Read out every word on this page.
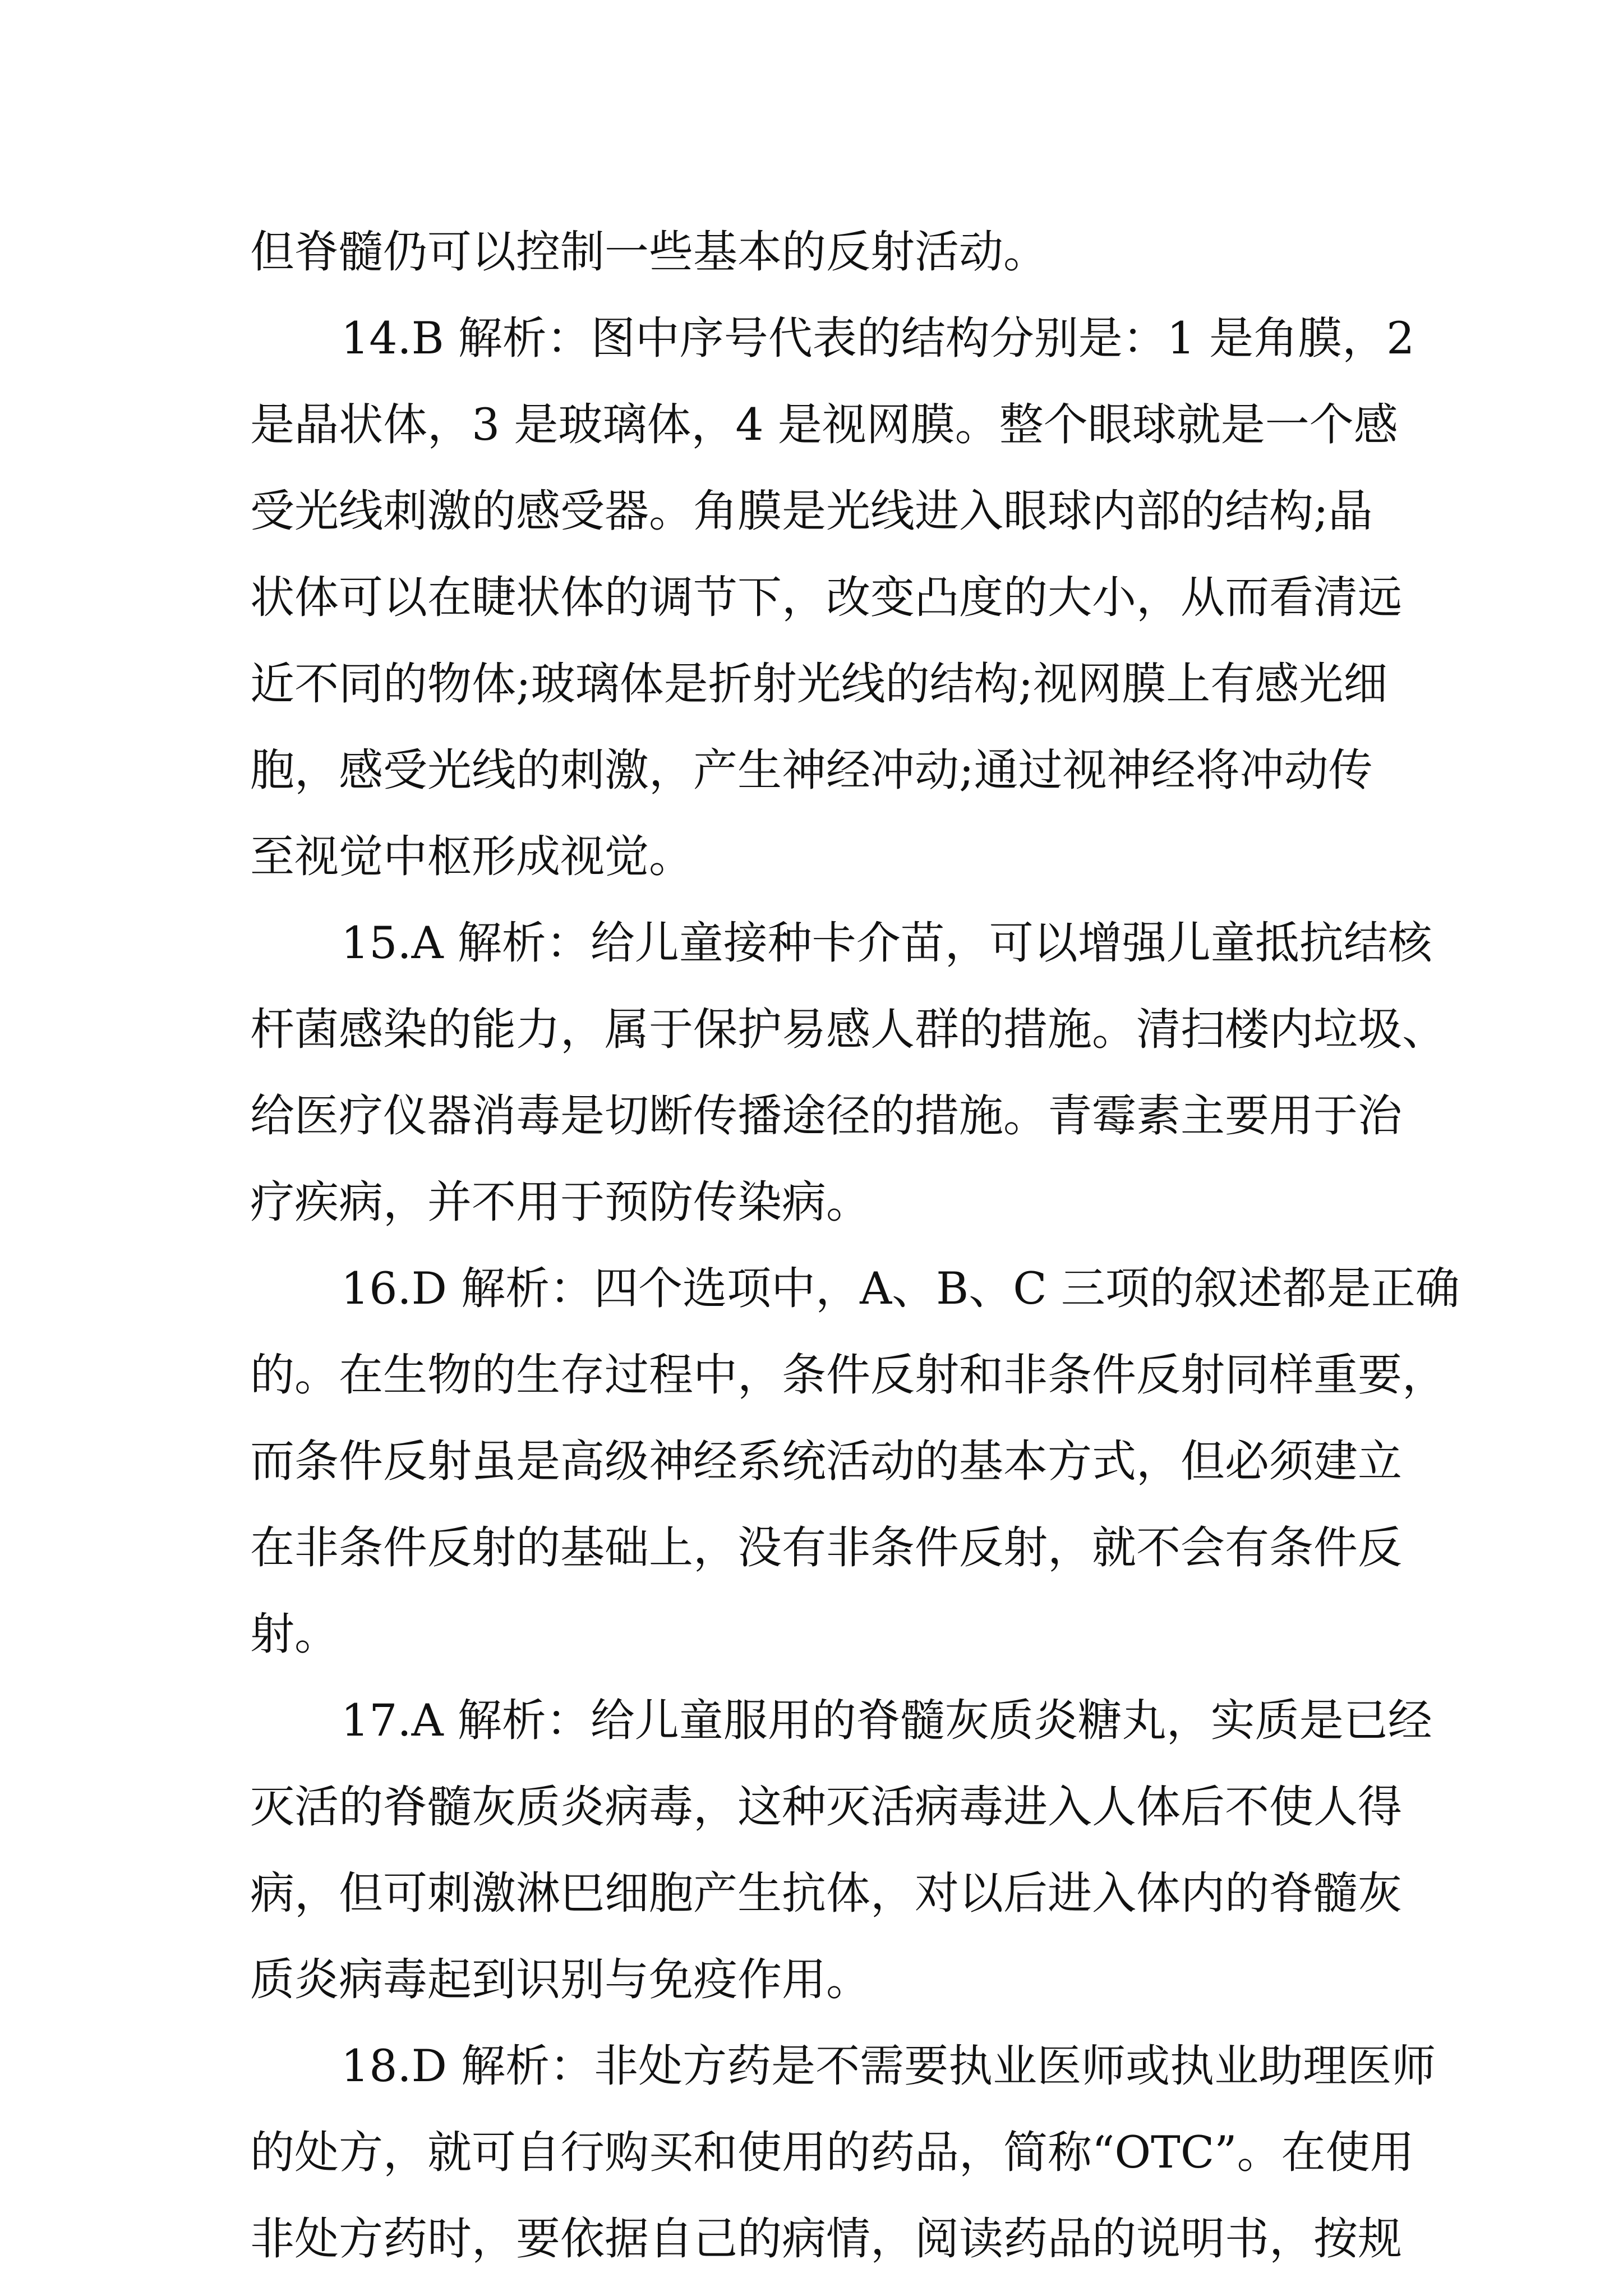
但脊髓仍可以控制一些基本的反射活动。
14.B 解析：图中序号代表的结构分别是：1 是角膜，2
是晶状体，3 是玻璃体，4 是视网膜。整个眼球就是一个感
受光线刺激的感受器。角膜是光线进入眼球内部的结构;晶
状体可以在睫状体的调节下，改变凸度的大小，从而看清远
近不同的物体;玻璃体是折射光线的结构;视网膜上有感光细
胞，感受光线的刺激，产生神经冲动;通过视神经将冲动传
至视觉中枢形成视觉。
15.A 解析：给儿童接种卡介苗，可以增强儿童抵抗结核
杆菌感染的能力，属于保护易感人群的措施。清扫楼内垃圾、
给医疗仪器消毒是切断传播途径的措施。青霉素主要用于治
疗疾病，并不用于预防传染病。
16.D 解析：四个选项中，A、B、C 三项的叙述都是正确
的。在生物的生存过程中，条件反射和非条件反射同样重要，
而条件反射虽是高级神经系统活动的基本方式，但必须建立
在非条件反射的基础上，没有非条件反射，就不会有条件反
射。
17.A 解析：给儿童服用的脊髓灰质炎糖丸，实质是已经
灭活的脊髓灰质炎病毒，这种灭活病毒进入人体后不使人得
病，但可刺激淋巴细胞产生抗体，对以后进入体内的脊髓灰
质炎病毒起到识别与免疫作用。
18.D 解析：非处方药是不需要执业医师或执业助理医师
的处方，就可自行购买和使用的药品，简称“OTC”。在使用
非处方药时，要依据自己的病情，阅读药品的说明书，按规
